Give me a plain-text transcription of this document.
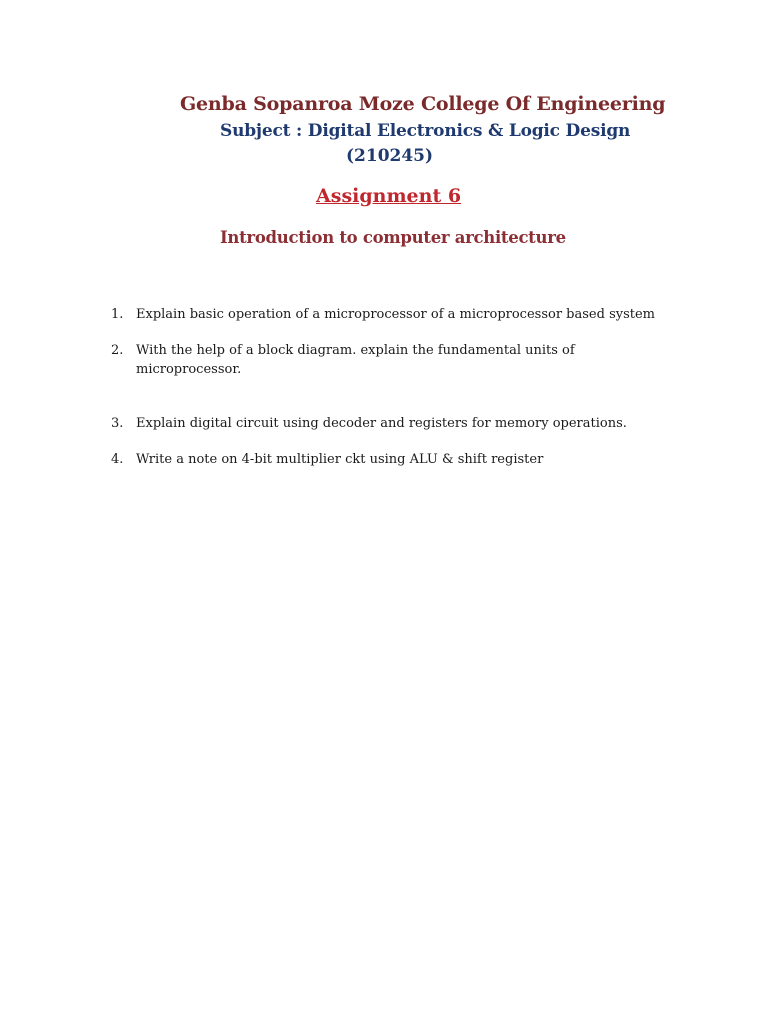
Genba Sopanroa Moze College Of Engineering
Subject : Digital Electronics & Logic Design
(210245)
Assignment 6
Introduction to computer architecture
1. Explain basic operation of a microprocessor of a microprocessor based system
2. With the help of a block diagram. explain the fundamental units of microprocessor.
3. Explain digital circuit using decoder and registers for memory operations.
4. Write a note on 4-bit multiplier ckt using ALU & shift register
